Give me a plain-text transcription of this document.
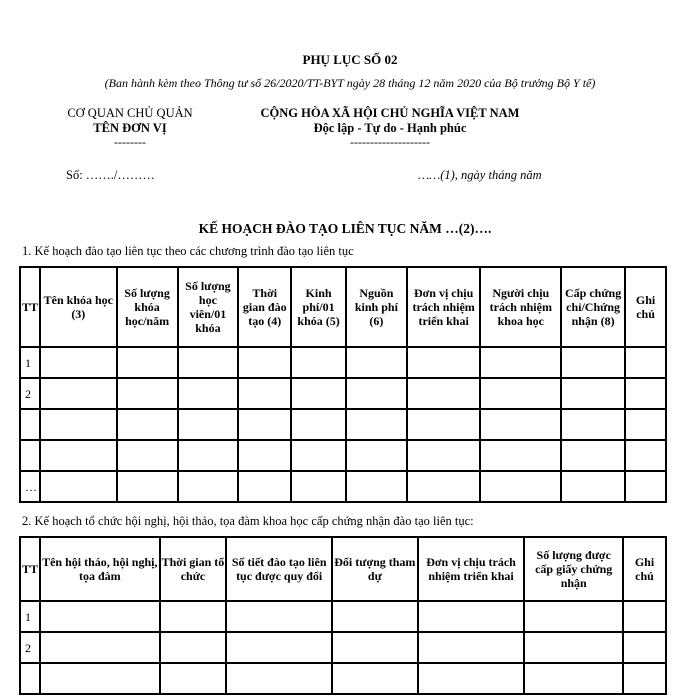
PHỤ LỤC SỐ 02
(Ban hành kèm theo Thông tư số 26/2020/TT-BYT ngày 28 tháng 12 năm 2020 của Bộ trưởng Bộ Y tế)
CƠ QUAN CHỦ QUẢN
TÊN ĐƠN VỊ
--------
CỘNG HÒA XÃ HỘI CHỦ NGHĨA VIỆT NAM
Độc lập - Tự do - Hạnh phúc
--------------------
Số: ……./………	……(1), ngày tháng năm
KẾ HOẠCH ĐÀO TẠO LIÊN TỤC NĂM …(2)….
1. Kế hoạch đào tạo liên tục theo các chương trình đào tạo liên tục
TT	Tên khóa học (3)	Số lượng khóa học/năm	Số lượng học viên/01 khóa	Thời gian đào tạo (4)	Kinh phí/01 khóa (5)	Nguồn kinh phí (6)	Đơn vị chịu trách nhiệm triển khai	Người chịu trách nhiệm khoa học	Cấp chứng chỉ/Chứng nhận (8)	Ghi chú
1										
2										

…										
2. Kế hoạch tổ chức hội nghị, hội thảo, tọa đàm khoa học cấp chứng nhận đào tạo liên tục:
TT	Tên hội tháo, hội nghị, tọa đàm	Thời gian tổ chức	Số tiết đào tạo liên tục được quy đổi	Đối tượng tham dự	Đơn vị chịu trách nhiệm triển khai	Số lượng được cấp giấy chứng nhận	Ghi chú
1							
2							
